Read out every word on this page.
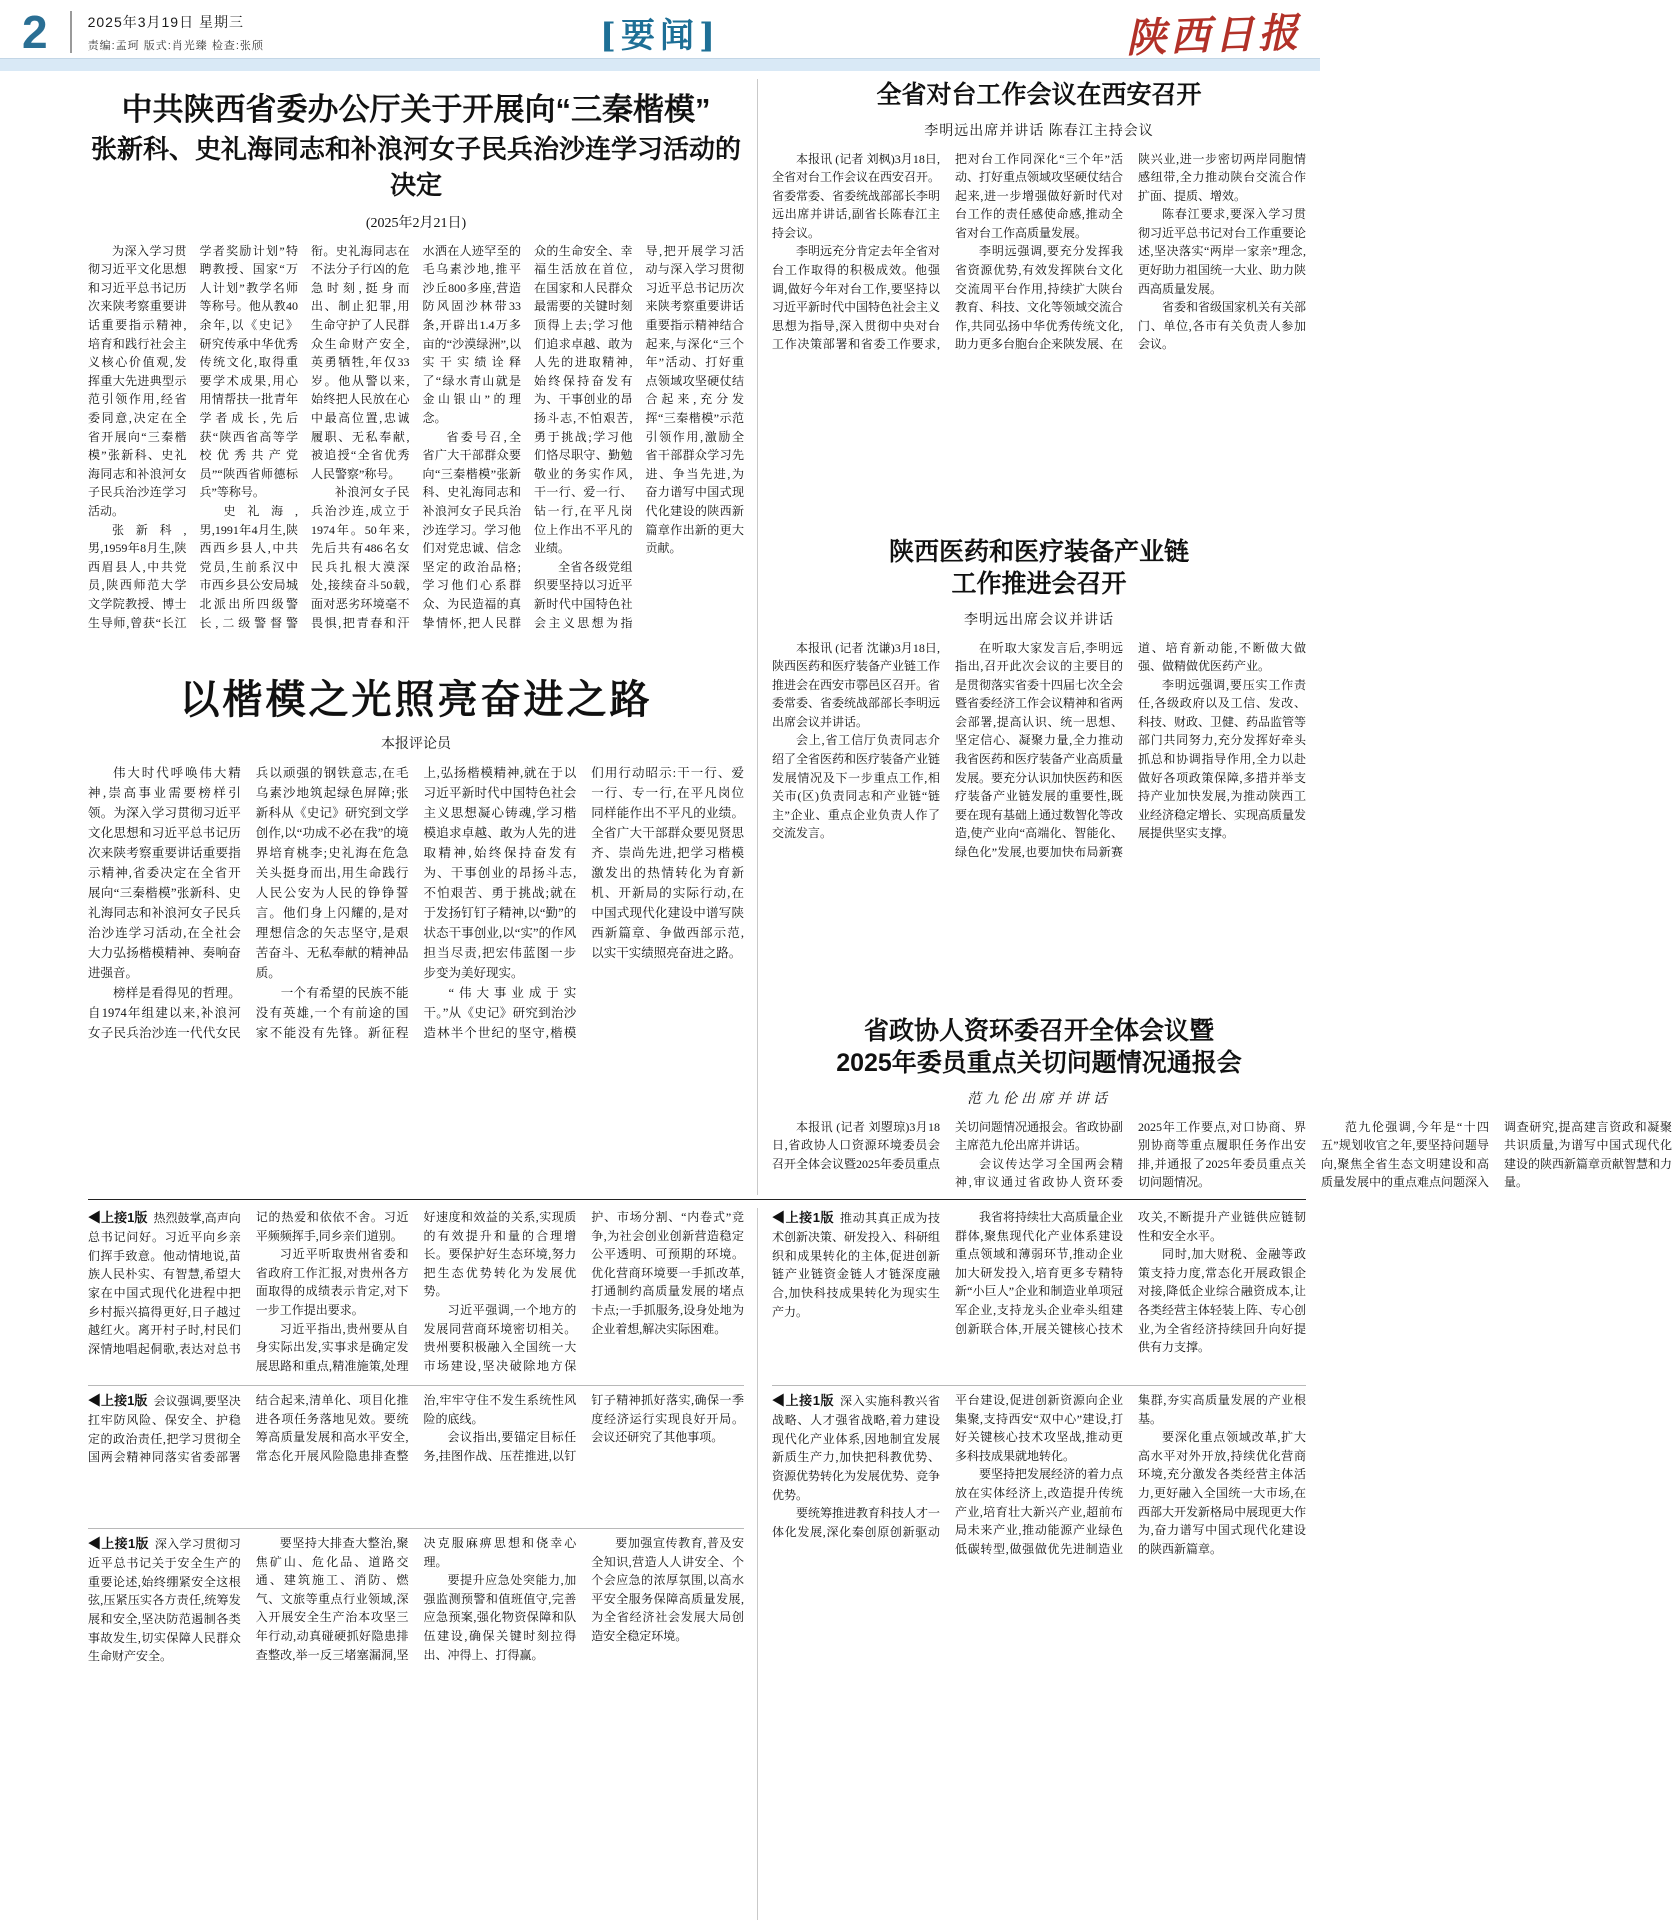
2	2025年3月19日 星期三
责编:孟珂 版式:肖光臻 检查:张颀	[要闻]	陕西日报
中共陕西省委办公厅关于开展向“三秦楷模”
张新科、史礼海同志和补浪河女子民兵治沙连学习活动的决定
(2025年2月21日)

为深入学习贯彻习近平文化思想和习近平总书记历次来陕考察重要讲话重要指示精神,培育和践行社会主义核心价值观,发挥重大先进典型示范引领作用,经省委同意,决定在全省开展向“三秦楷模”张新科、史礼海同志和补浪河女子民兵治沙连学习活动。

张新科,男,1959年8月生,陕西眉县人,中共党员,陕西师范大学文学院教授、博士生导师,曾获“长江学者奖励计划”特聘教授、国家“万人计划”教学名师等称号。他从教40余年,以《史记》研究传承中华优秀传统文化,取得重要学术成果,用心用情帮扶一批青年学者成长,先后获“陕西省高等学校优秀共产党员”“陕西省师德标兵”等称号。

史礼海,男,1991年4月生,陕西西乡县人,中共党员,生前系汉中市西乡县公安局城北派出所四级警长,二级警督警衔。史礼海同志在不法分子行凶的危急时刻,挺身而出、制止犯罪,用生命守护了人民群众生命财产安全,英勇牺牲,年仅33岁。他从警以来,始终把人民放在心中最高位置,忠诚履职、无私奉献,被追授“全省优秀人民警察”称号。

补浪河女子民兵治沙连,成立于1974年。50年来,先后共有486名女民兵扎根大漠深处,接续奋斗50载,面对恶劣环境毫不畏惧,把青春和汗水洒在人迹罕至的毛乌素沙地,推平沙丘800多座,营造防风固沙林带33条,开辟出1.4万多亩的“沙漠绿洲”,以实干实绩诠释了“绿水青山就是金山银山”的理念。

省委号召,全省广大干部群众要向“三秦楷模”张新科、史礼海同志和补浪河女子民兵治沙连学习。学习他们对党忠诚、信念坚定的政治品格;学习他们心系群众、为民造福的真挚情怀,把人民群众的生命安全、幸福生活放在首位,在国家和人民群众最需要的关键时刻顶得上去;学习他们追求卓越、敢为人先的进取精神,始终保持奋发有为、干事创业的昂扬斗志,不怕艰苦,勇于挑战;学习他们恪尽职守、勤勉敬业的务实作风,干一行、爱一行、钻一行,在平凡岗位上作出不平凡的业绩。

全省各级党组织要坚持以习近平新时代中国特色社会主义思想为指导,把开展学习活动与深入学习贯彻习近平总书记历次来陕考察重要讲话重要指示精神结合起来,与深化“三个年”活动、打好重点领域攻坚硬仗结合起来,充分发挥“三秦楷模”示范引领作用,激励全省干部群众学习先进、争当先进,为奋力谱写中国式现代化建设的陕西新篇章作出新的更大贡献。

以楷模之光照亮奋进之路
本报评论员

伟大时代呼唤伟大精神,崇高事业需要榜样引领。为深入学习贯彻习近平文化思想和习近平总书记历次来陕考察重要讲话重要指示精神,省委决定在全省开展向“三秦楷模”张新科、史礼海同志和补浪河女子民兵治沙连学习活动,在全社会大力弘扬楷模精神、奏响奋进强音。

榜样是看得见的哲理。自1974年组建以来,补浪河女子民兵治沙连一代代女民兵以顽强的钢铁意志,在毛乌素沙地筑起绿色屏障;张新科从《史记》研究到文学创作,以“功成不必在我”的境界培育桃李;史礼海在危急关头挺身而出,用生命践行人民公安为人民的铮铮誓言。他们身上闪耀的,是对理想信念的矢志坚守,是艰苦奋斗、无私奉献的精神品质。

一个有希望的民族不能没有英雄,一个有前途的国家不能没有先锋。新征程上,弘扬楷模精神,就在于以习近平新时代中国特色社会主义思想凝心铸魂,学习楷模追求卓越、敢为人先的进取精神,始终保持奋发有为、干事创业的昂扬斗志,不怕艰苦、勇于挑战;就在于发扬钉钉子精神,以“勤”的状态干事创业,以“实”的作风担当尽责,把宏伟蓝图一步步变为美好现实。

“伟大事业成于实干。”从《史记》研究到治沙造林半个世纪的坚守,楷模们用行动昭示:干一行、爱一行、专一行,在平凡岗位同样能作出不平凡的业绩。全省广大干部群众要见贤思齐、崇尚先进,把学习楷模激发出的热情转化为育新机、开新局的实际行动,在中国式现代化建设中谱写陕西新篇章、争做西部示范,以实干实绩照亮奋进之路。

全省对台工作会议在西安召开
李明远出席并讲话 陈春江主持会议

本报讯 (记者 刘枫)3月18日,全省对台工作会议在西安召开。省委常委、省委统战部部长李明远出席并讲话,副省长陈春江主持会议。

李明远充分肯定去年全省对台工作取得的积极成效。他强调,做好今年对台工作,要坚持以习近平新时代中国特色社会主义思想为指导,深入贯彻中央对台工作决策部署和省委工作要求,把对台工作同深化“三个年”活动、打好重点领域攻坚硬仗结合起来,进一步增强做好新时代对台工作的责任感使命感,推动全省对台工作高质量发展。

李明远强调,要充分发挥我省资源优势,有效发挥陕台文化交流周平台作用,持续扩大陕台教育、科技、文化等领域交流合作,共同弘扬中华优秀传统文化,助力更多台胞台企来陕发展、在陕兴业,进一步密切两岸同胞情感纽带,全力推动陕台交流合作扩面、提质、增效。

陈春江要求,要深入学习贯彻习近平总书记对台工作重要论述,坚决落实“两岸一家亲”理念,更好助力祖国统一大业、助力陕西高质量发展。

省委和省级国家机关有关部门、单位,各市有关负责人参加会议。

陕西医药和医疗装备产业链
工作推进会召开
李明远出席会议并讲话

本报讯 (记者 沈谦)3月18日,陕西医药和医疗装备产业链工作推进会在西安市鄠邑区召开。省委常委、省委统战部部长李明远出席会议并讲话。

会上,省工信厅负责同志介绍了全省医药和医疗装备产业链发展情况及下一步重点工作,相关市(区)负责同志和产业链“链主”企业、重点企业负责人作了交流发言。

在听取大家发言后,李明远指出,召开此次会议的主要目的是贯彻落实省委十四届七次全会暨省委经济工作会议精神和省两会部署,提高认识、统一思想、坚定信心、凝聚力量,全力推动我省医药和医疗装备产业高质量发展。要充分认识加快医药和医疗装备产业链发展的重要性,既要在现有基础上通过数智化等改造,使产业向“高端化、智能化、绿色化”发展,也要加快布局新赛道、培育新动能,不断做大做强、做精做优医药产业。

李明远强调,要压实工作责任,各级政府以及工信、发改、科技、财政、卫健、药品监管等部门共同努力,充分发挥好牵头抓总和协调指导作用,全力以赴做好各项政策保障,多措并举支持产业加快发展,为推动陕西工业经济稳定增长、实现高质量发展提供坚实支撑。

省政协人资环委召开全体会议暨
2025年委员重点关切问题情况通报会
范九伦出席并讲话

本报讯 (记者 刘曌琼)3月18日,省政协人口资源环境委员会召开全体会议暨2025年委员重点关切问题情况通报会。省政协副主席范九伦出席并讲话。

会议传达学习全国两会精神,审议通过省政协人资环委2025年工作要点,对口协商、界别协商等重点履职任务作出安排,并通报了2025年委员重点关切问题情况。

范九伦强调,今年是“十四五”规划收官之年,要坚持问题导向,聚焦全省生态文明建设和高质量发展中的重点难点问题深入调查研究,提高建言资政和凝聚共识质量,为谱写中国式现代化建设的陕西新篇章贡献智慧和力量。

◀上接1版 热烈鼓掌,高声向总书记问好。习近平向乡亲们挥手致意。他动情地说,苗族人民朴实、有智慧,希望大家在中国式现代化进程中把乡村振兴搞得更好,日子越过越红火。离开村子时,村民们深情地唱起侗歌,表达对总书记的热爱和依依不舍。习近平频频挥手,同乡亲们道别。

习近平听取贵州省委和省政府工作汇报,对贵州各方面取得的成绩表示肯定,对下一步工作提出要求。

习近平指出,贵州要从自身实际出发,实事求是确定发展思路和重点,精准施策,处理好速度和效益的关系,实现质的有效提升和量的合理增长。要保护好生态环境,努力把生态优势转化为发展优势。

习近平强调,一个地方的发展同营商环境密切相关。贵州要积极融入全国统一大市场建设,坚决破除地方保护、市场分割、“内卷式”竞争,为社会创业创新营造稳定公平透明、可预期的环境。优化营商环境要一手抓改革,打通制约高质量发展的堵点卡点;一手抓服务,设身处地为企业着想,解决实际困难。

◀上接1版 会议强调,要坚决扛牢防风险、保安全、护稳定的政治责任,把学习贯彻全国两会精神同落实省委部署结合起来,清单化、项目化推进各项任务落地见效。要统筹高质量发展和高水平安全,常态化开展风险隐患排查整治,牢牢守住不发生系统性风险的底线。

会议指出,要锚定目标任务,挂图作战、压茬推进,以钉钉子精神抓好落实,确保一季度经济运行实现良好开局。会议还研究了其他事项。

◀上接1版 深入学习贯彻习近平总书记关于安全生产的重要论述,始终绷紧安全这根弦,压紧压实各方责任,统筹发展和安全,坚决防范遏制各类事故发生,切实保障人民群众生命财产安全。

要坚持大排查大整治,聚焦矿山、危化品、道路交通、建筑施工、消防、燃气、文旅等重点行业领域,深入开展安全生产治本攻坚三年行动,动真碰硬抓好隐患排查整改,举一反三堵塞漏洞,坚决克服麻痹思想和侥幸心理。

要提升应急处突能力,加强监测预警和值班值守,完善应急预案,强化物资保障和队伍建设,确保关键时刻拉得出、冲得上、打得赢。

要加强宣传教育,普及安全知识,营造人人讲安全、个个会应急的浓厚氛围,以高水平安全服务保障高质量发展,为全省经济社会发展大局创造安全稳定环境。

◀上接1版 推动其真正成为技术创新决策、研发投入、科研组织和成果转化的主体,促进创新链产业链资金链人才链深度融合,加快科技成果转化为现实生产力。

我省将持续壮大高质量企业群体,聚焦现代化产业体系建设重点领域和薄弱环节,推动企业加大研发投入,培育更多专精特新“小巨人”企业和制造业单项冠军企业,支持龙头企业牵头组建创新联合体,开展关键核心技术攻关,不断提升产业链供应链韧性和安全水平。

同时,加大财税、金融等政策支持力度,常态化开展政银企对接,降低企业综合融资成本,让各类经营主体轻装上阵、专心创业,为全省经济持续回升向好提供有力支撑。

◀上接1版 深入实施科教兴省战略、人才强省战略,着力建设现代化产业体系,因地制宜发展新质生产力,加快把科教优势、资源优势转化为发展优势、竞争优势。

要统筹推进教育科技人才一体化发展,深化秦创原创新驱动平台建设,促进创新资源向企业集聚,支持西安“双中心”建设,打好关键核心技术攻坚战,推动更多科技成果就地转化。

要坚持把发展经济的着力点放在实体经济上,改造提升传统产业,培育壮大新兴产业,超前布局未来产业,推动能源产业绿色低碳转型,做强做优先进制造业集群,夯实高质量发展的产业根基。

要深化重点领域改革,扩大高水平对外开放,持续优化营商环境,充分激发各类经营主体活力,更好融入全国统一大市场,在西部大开发新格局中展现更大作为,奋力谱写中国式现代化建设的陕西新篇章。
